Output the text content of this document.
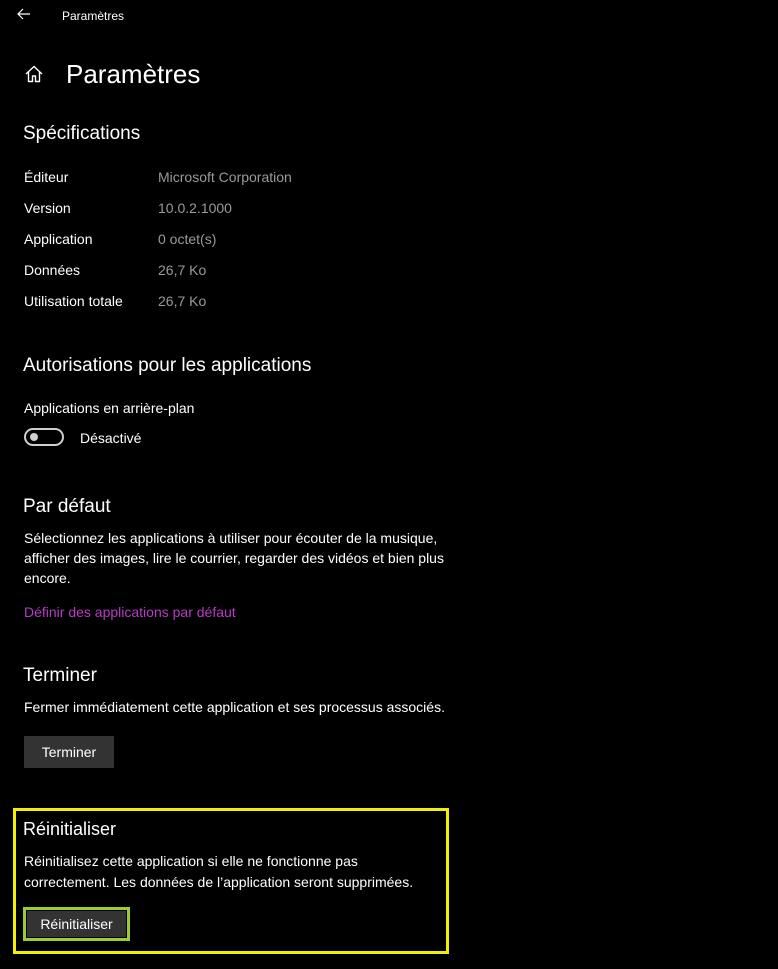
Paramètres
Paramètres
Spécifications
Éditeur	Microsoft Corporation
Version	10.0.2.1000
Application	0 octet(s)
Données	26,7 Ko
Utilisation totale	26,7 Ko
Autorisations pour les applications
Applications en arrière-plan
Désactivé
Par défaut
Sélectionnez les applications à utiliser pour écouter de la musique,
afficher des images, lire le courrier, regarder des vidéos et bien plus
encore.
Définir des applications par défaut
Terminer
Fermer immédiatement cette application et ses processus associés.
Terminer
Réinitialiser
Réinitialisez cette application si elle ne fonctionne pas
correctement. Les données de l’application seront supprimées.
Réinitialiser
